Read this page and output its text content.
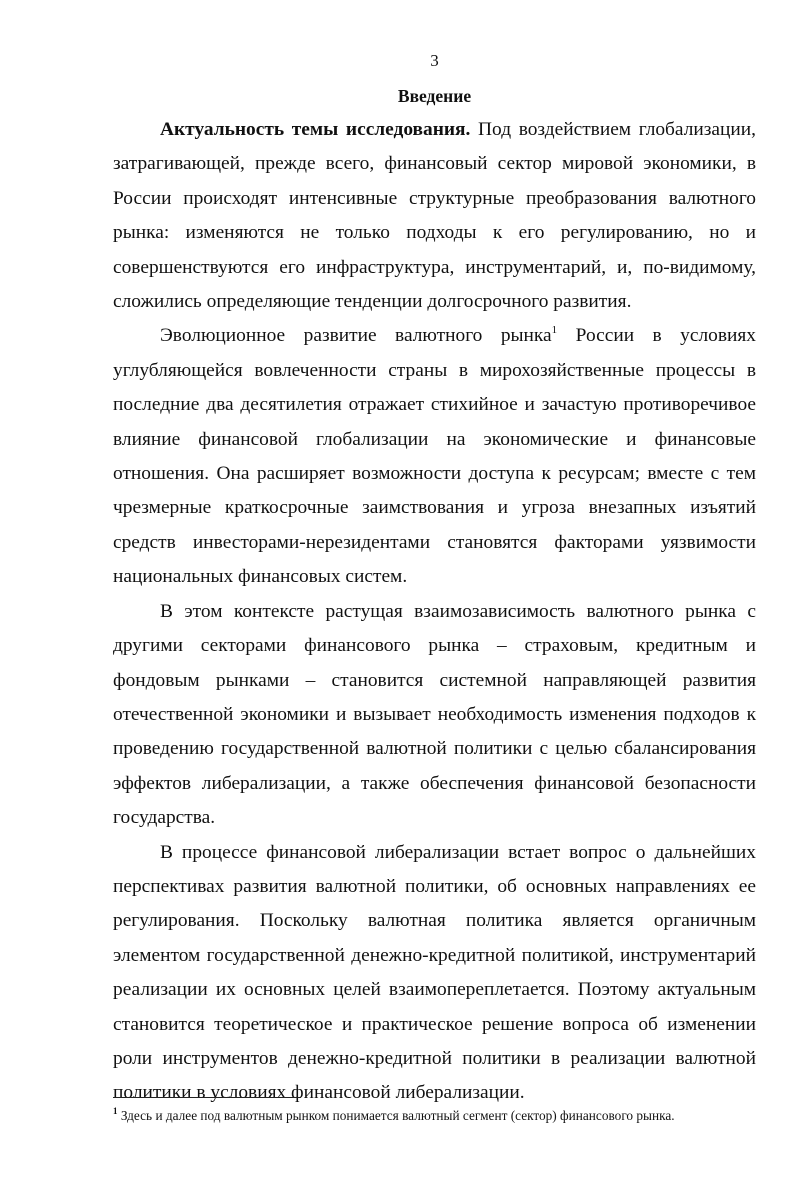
3
Введение

Актуальность темы исследования. Под воздействием глобализации, затрагивающей, прежде всего, финансовый сектор мировой экономики, в России происходят интенсивные структурные преобразования валютного рынка: изменяются не только подходы к его регулированию, но и совершенствуются его инфраструктура, инструментарий, и, по-видимому, сложились определяющие тенденции долгосрочного развития.

Эволюционное развитие валютного рынка$^1$ России в условиях углубляющейся вовлеченности страны в мирохозяйственные процессы в последние два десятилетия отражает стихийное и зачастую противоречивое влияние финансовой глобализации на экономические и финансовые отношения. Она расширяет возможности доступа к ресурсам; вместе с тем чрезмерные краткосрочные заимствования и угроза внезапных изъятий средств инвесторами-нерезидентами становятся факторами уязвимости национальных финансовых систем.

В этом контексте растущая взаимозависимость валютного рынка с другими секторами финансового рынка – страховым, кредитным и фондовым рынками – становится системной направляющей развития отечественной экономики и вызывает необходимость изменения подходов к проведению государственной валютной политики с целью сбалансирования эффектов либерализации, а также обеспечения финансовой безопасности государства.

В процессе финансовой либерализации встает вопрос о дальнейших перспективах развития валютной политики, об основных направлениях ее регулирования. Поскольку валютная политика является органичным элементом государственной денежно-кредитной политикой, инструментарий реализации их основных целей взаимопереплетается. Поэтому актуальным становится теоретическое и практическое решение вопроса об изменении роли инструментов денежно-кредитной политики в реализации валютной политики в условиях финансовой либерализации.

$^1$ Здесь и далее под валютным рынком понимается валютный сегмент (сектор) финансового рынка.
